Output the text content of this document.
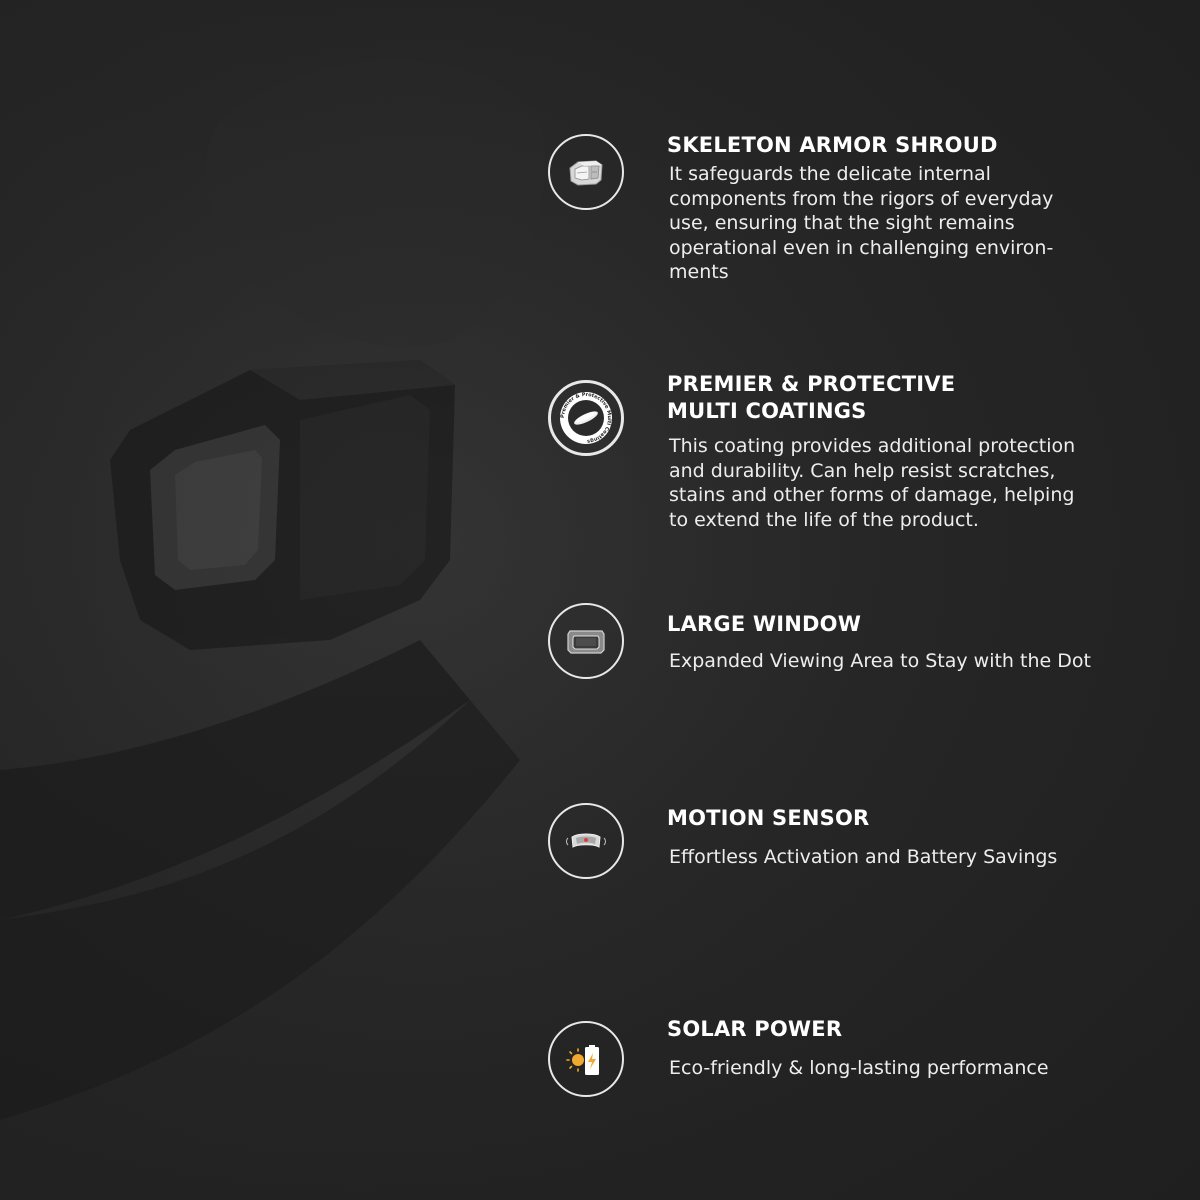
SKELETON ARMOR SHROUD

It safeguards the delicate internal components from the rigors of everyday use, ensuring that the sight remains operational even in challenging environ-ments

Premier & Protective Multi Coatings
PREMIER & PROTECTIVE
MULTI COATINGS

This coating provides additional protection and durability. Can help resist scratches, stains and other forms of damage, helping to extend the life of the product.

LARGE WINDOW

Expanded Viewing Area to Stay with the Dot

MOTION SENSOR

Effortless Activation and Battery Savings

SOLAR POWER

Eco-friendly & long-lasting performance
